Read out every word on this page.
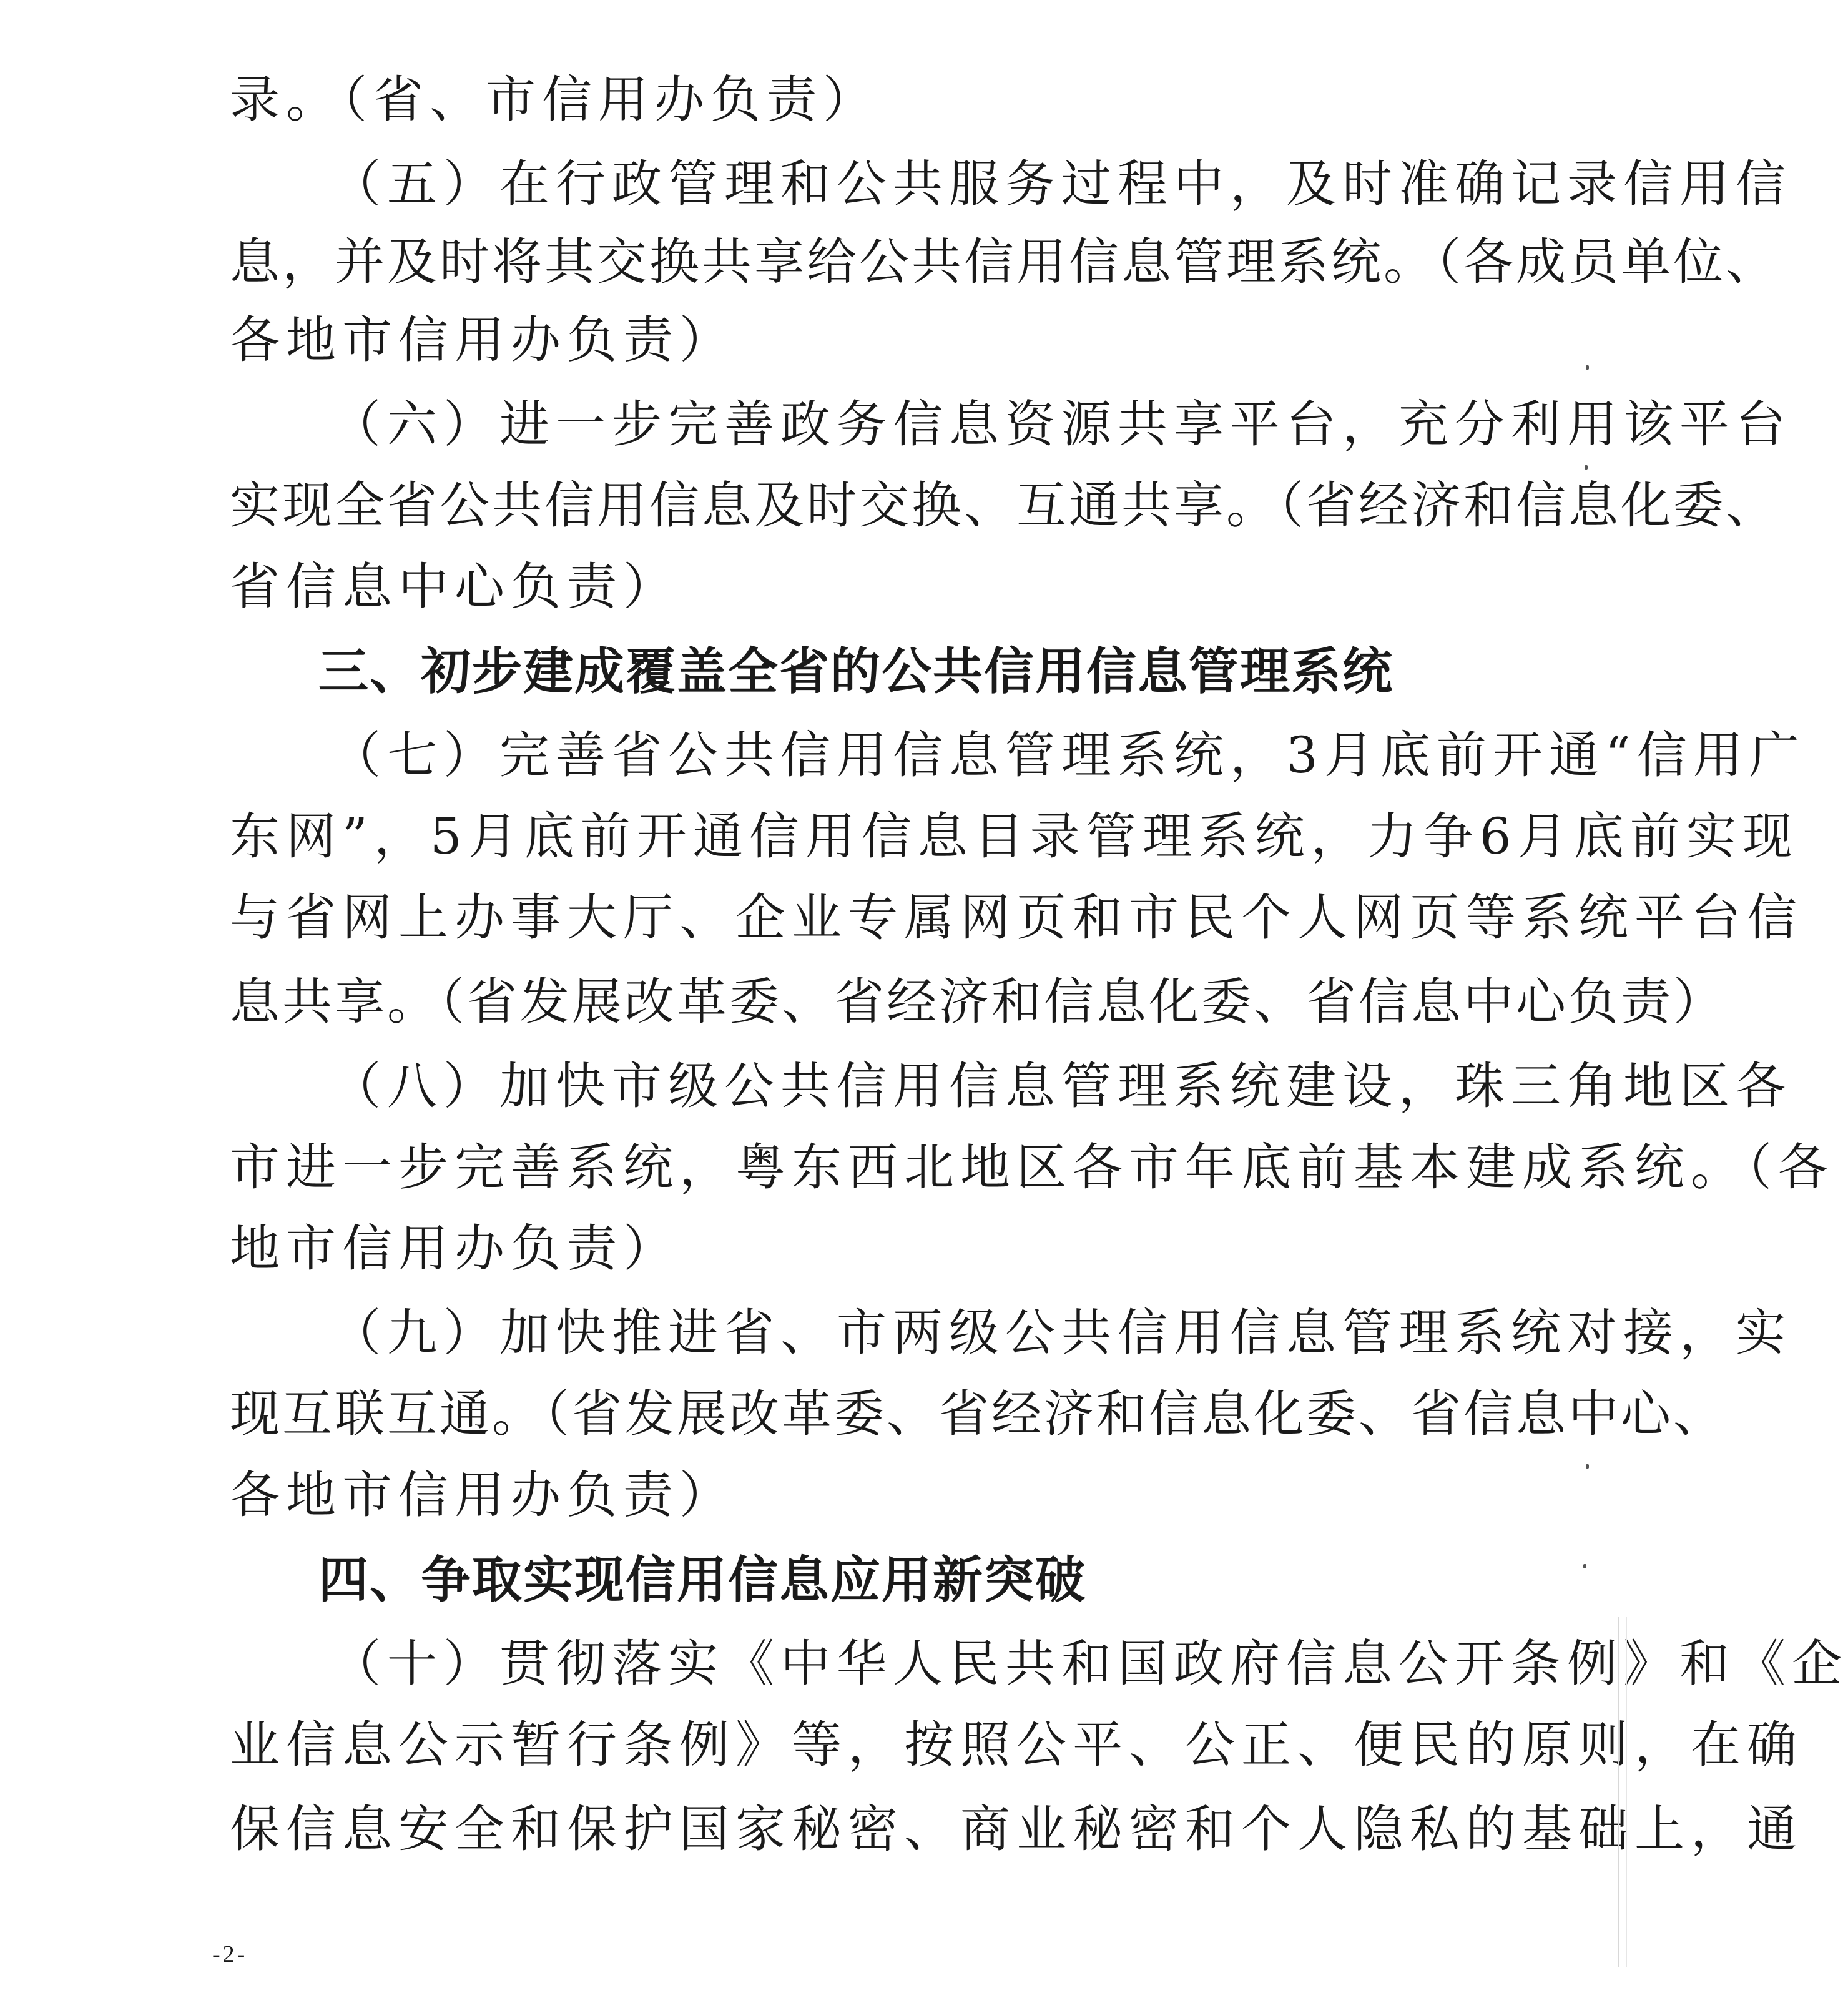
录。（省、市信用办负责）
（五）在行政管理和公共服务过程中，及时准确记录信用信
息，并及时将其交换共享给公共信用信息管理系统。（各成员单位、
各地市信用办负责）
（六）进一步完善政务信息资源共享平台，充分利用该平台
实现全省公共信用信息及时交换、互通共享。（省经济和信息化委、
省信息中心负责）
三、初步建成覆盖全省的公共信用信息管理系统
（七）完善省公共信用信息管理系统，3月底前开通“信用广
东网”，5月底前开通信用信息目录管理系统，力争6月底前实现
与省网上办事大厅、企业专属网页和市民个人网页等系统平台信
息共享。（省发展改革委、省经济和信息化委、省信息中心负责）
（八）加快市级公共信用信息管理系统建设，珠三角地区各
市进一步完善系统，粤东西北地区各市年底前基本建成系统。（各
地市信用办负责）
（九）加快推进省、市两级公共信用信息管理系统对接，实
现互联互通。（省发展改革委、省经济和信息化委、省信息中心、
各地市信用办负责）
四、争取实现信用信息应用新突破
（十）贯彻落实《中华人民共和国政府信息公开条例》和《企
业信息公示暂行条例》等，按照公平、公正、便民的原则，在确
保信息安全和保护国家秘密、商业秘密和个人隐私的基础上，通
-2-
